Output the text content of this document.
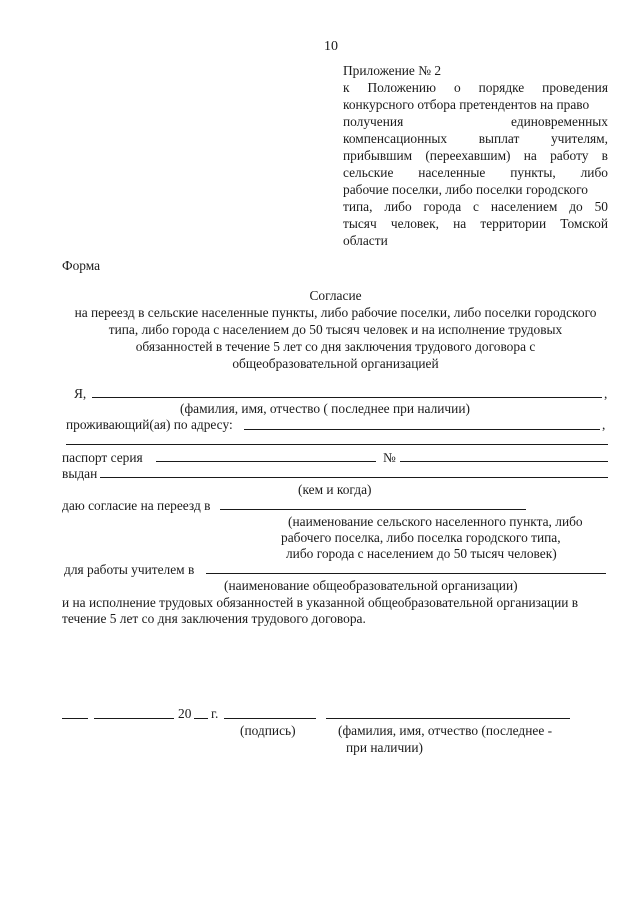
10
Приложение № 2
к Положению о порядке проведения
конкурсного отбора претендентов на право
получения единовременных
компенсационных выплат учителям,
прибывшим (переехавшим) на работу в
сельские населенные пункты, либо
рабочие поселки, либо поселки городского
типа, либо города с населением до 50
тысяч человек, на территории Томской
области
Форма
Согласие
на переезд в сельские населенные пункты, либо рабочие поселки, либо поселки городского
типа, либо города с населением до 50 тысяч человек и на исполнение трудовых
обязанностей в течение 5 лет со дня заключения трудового договора с
общеобразовательной организацией
Я,	,
(фамилия, имя, отчество ( последнее при наличии)
проживающий(ая) по адресу:	,
паспорт серия	№
выдан
(кем и когда)
даю согласие на переезд в
(наименование сельского населенного пункта, либо
рабочего поселка, либо поселка городского типа,
либо города с населением до 50 тысяч человек)
для работы учителем в
(наименование общеобразовательной организации)
и на исполнение трудовых обязанностей в указанной общеобразовательной организации в
течение 5 лет со дня заключения трудового договора.
20 г.
(подпись)	(фамилия, имя, отчество (последнее -
при наличии)
